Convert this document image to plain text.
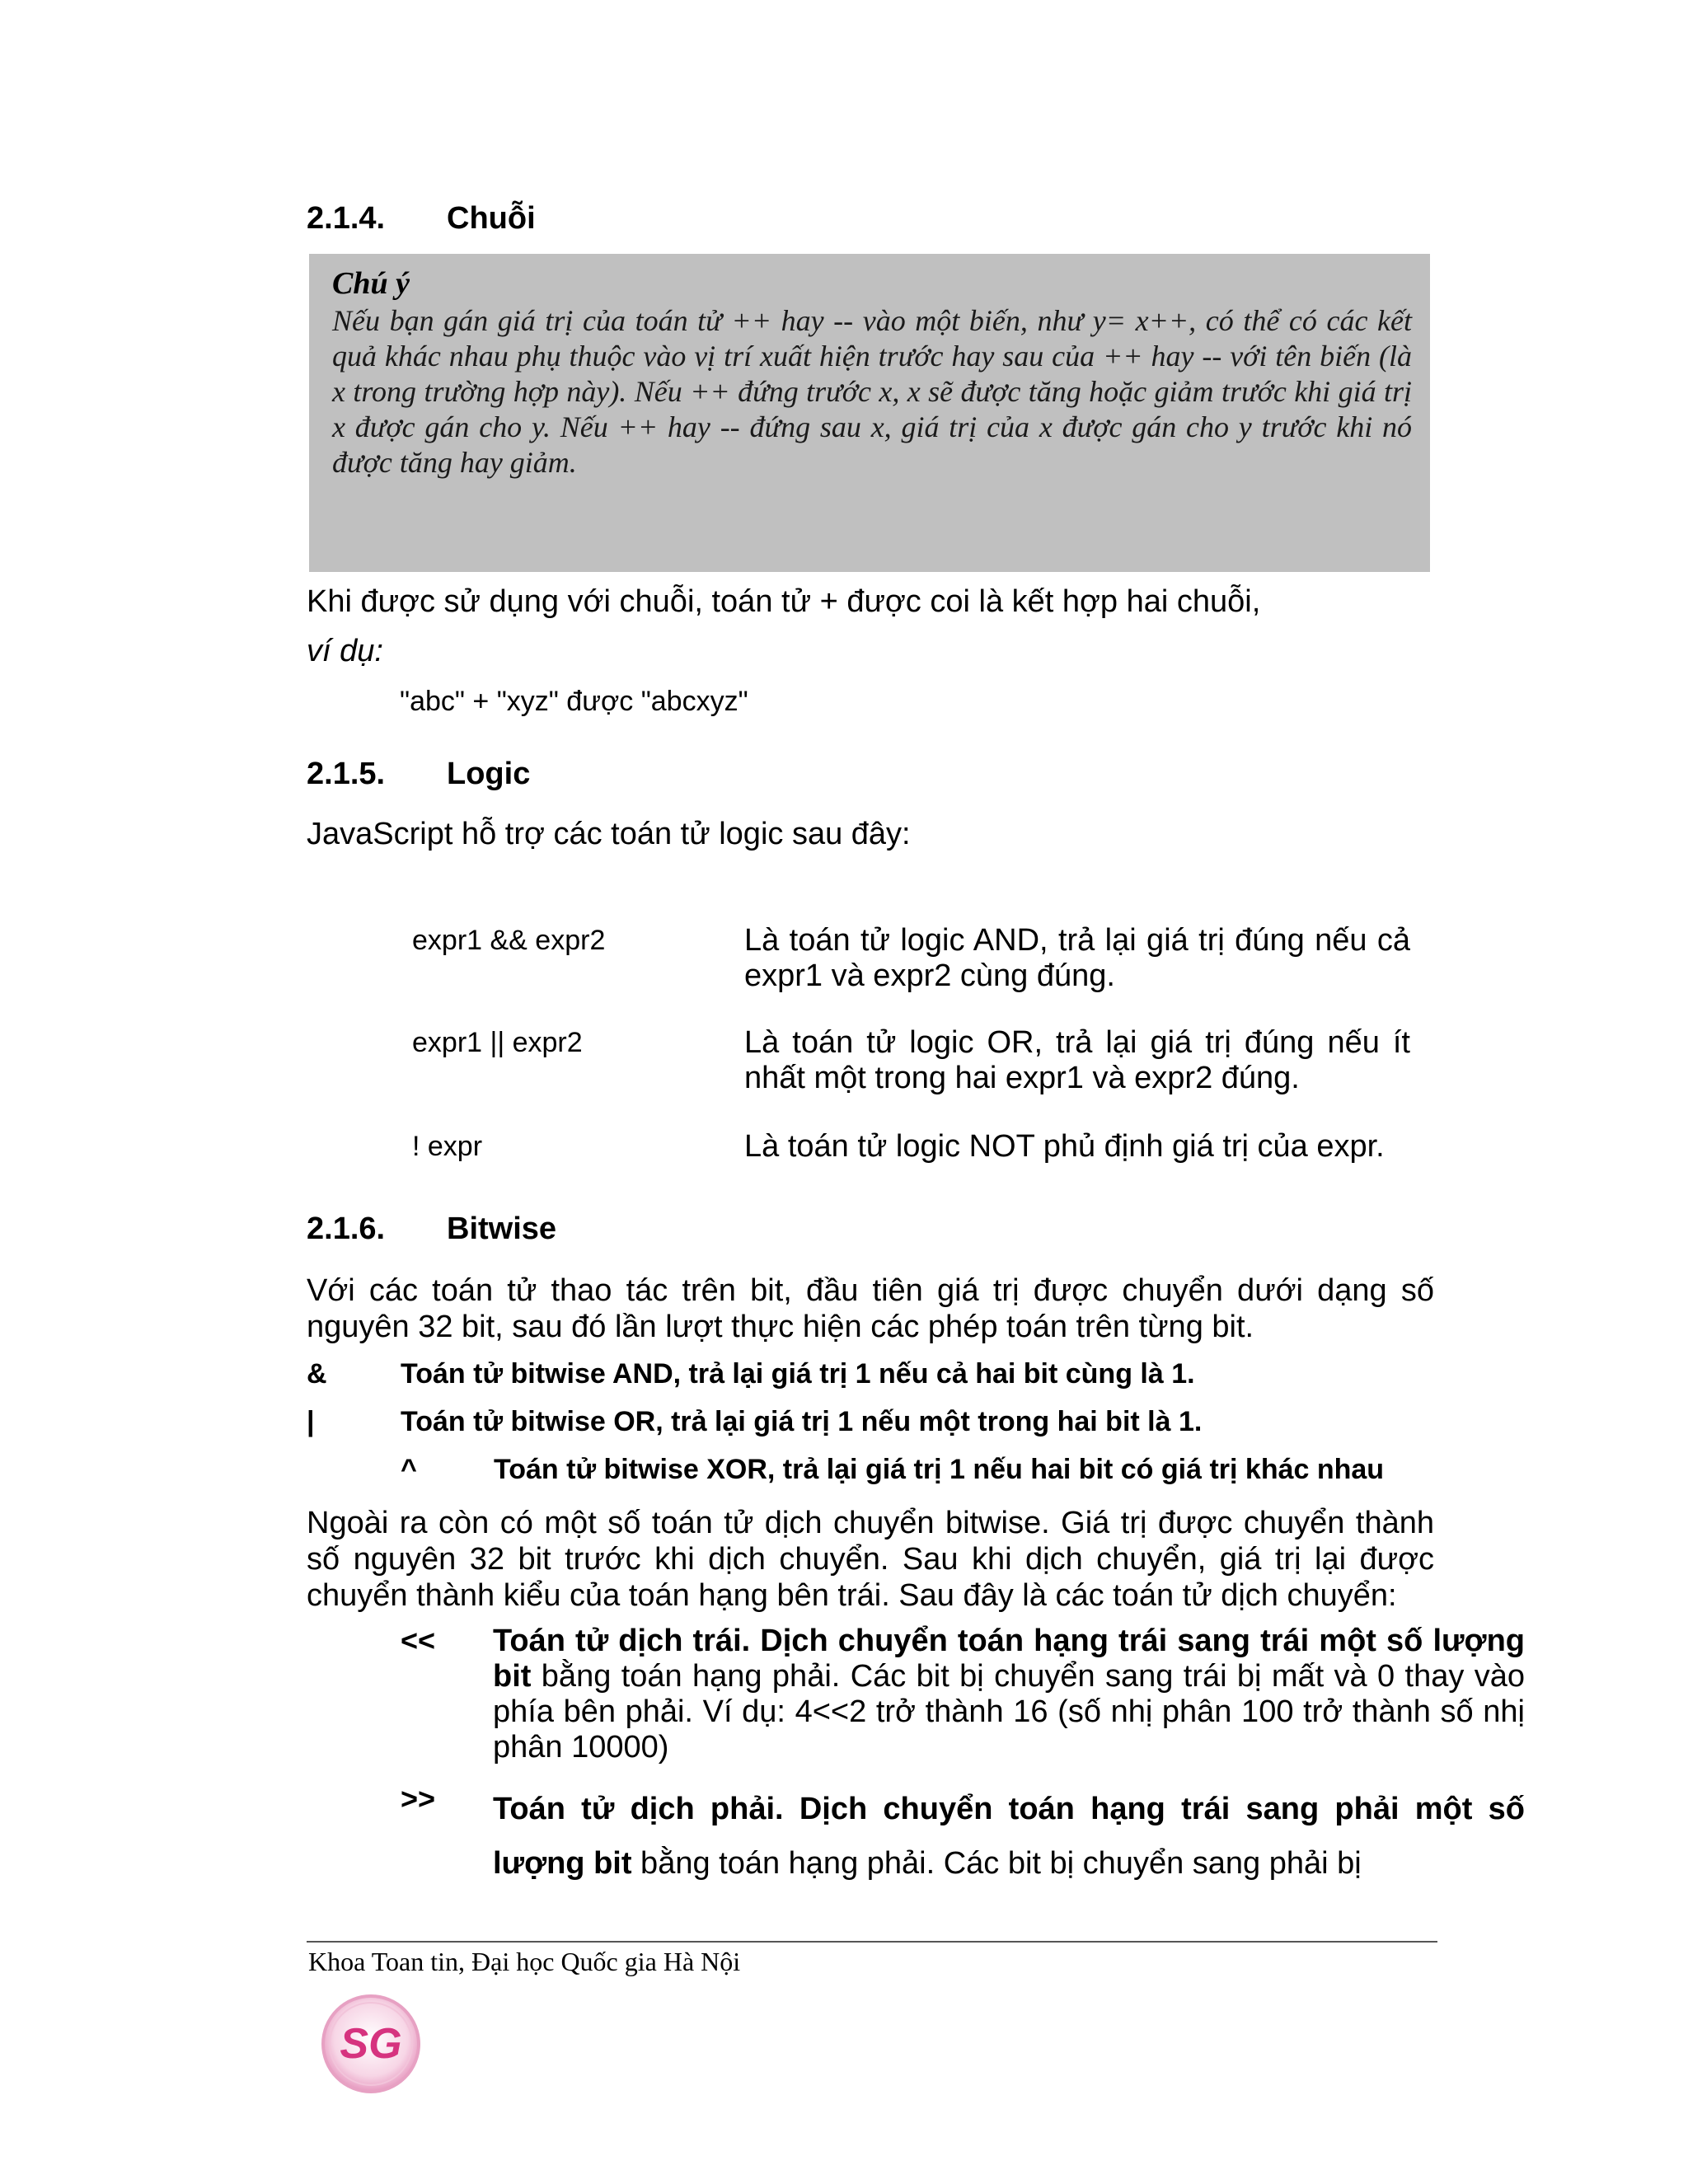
2.1.4. Chuỗi
Chú ý
Nếu bạn gán giá trị của toán tử ++ hay -- vào một biến, như y= x++, có thể có các kết quả khác nhau phụ thuộc vào vị trí xuất hiện trước hay sau của ++ hay -- với tên biến (là x trong trường hợp này). Nếu ++ đứng trước x, x sẽ được tăng hoặc giảm trước khi giá trị x được gán cho y. Nếu ++ hay -- đứng sau x, giá trị của x được gán cho y trước khi nó được tăng hay giảm.
Khi được sử dụng với chuỗi, toán tử + được coi là kết hợp hai chuỗi,
ví dụ:
"abc" + "xyz" được "abcxyz"
2.1.5. Logic
JavaScript hỗ trợ các toán tử logic sau đây:
expr1 && expr2	Là toán tử logic AND, trả lại giá trị đúng nếu cả expr1 và expr2 cùng đúng.
expr1 || expr2	Là toán tử logic OR, trả lại giá trị đúng nếu ít nhất một trong hai expr1 và expr2 đúng.
! expr	Là toán tử logic NOT phủ định giá trị của expr.
2.1.6. Bitwise
Với các toán tử thao tác trên bit, đầu tiên giá trị được chuyển dưới dạng số nguyên 32 bit, sau đó lần lượt thực hiện các phép toán trên từng bit.
&	Toán tử bitwise AND, trả lại giá trị 1 nếu cả hai bit cùng là 1.
|	Toán tử bitwise OR, trả lại giá trị 1 nếu một trong hai bit là 1.
^	Toán tử bitwise XOR, trả lại giá trị 1 nếu hai bit có giá trị khác nhau
Ngoài ra còn có một số toán tử dịch chuyển bitwise. Giá trị được chuyển thành số nguyên 32 bit trước khi dịch chuyển. Sau khi dịch chuyển, giá trị lại được chuyển thành kiểu của toán hạng bên trái. Sau đây là các toán tử dịch chuyển:
<< Toán tử dịch trái. Dịch chuyển toán hạng trái sang trái một số lượng bit bằng toán hạng phải. Các bit bị chuyển sang trái bị mất và 0 thay vào phía bên phải. Ví dụ: 4<<2 trở thành 16 (số nhị phân 100 trở thành số nhị phân 10000)
>> Toán tử dịch phải. Dịch chuyển toán hạng trái sang phải một số lượng bit bằng toán hạng phải. Các bit bị chuyển sang phải bị
Khoa Toan tin, Đại học Quốc gia Hà Nội
SG
